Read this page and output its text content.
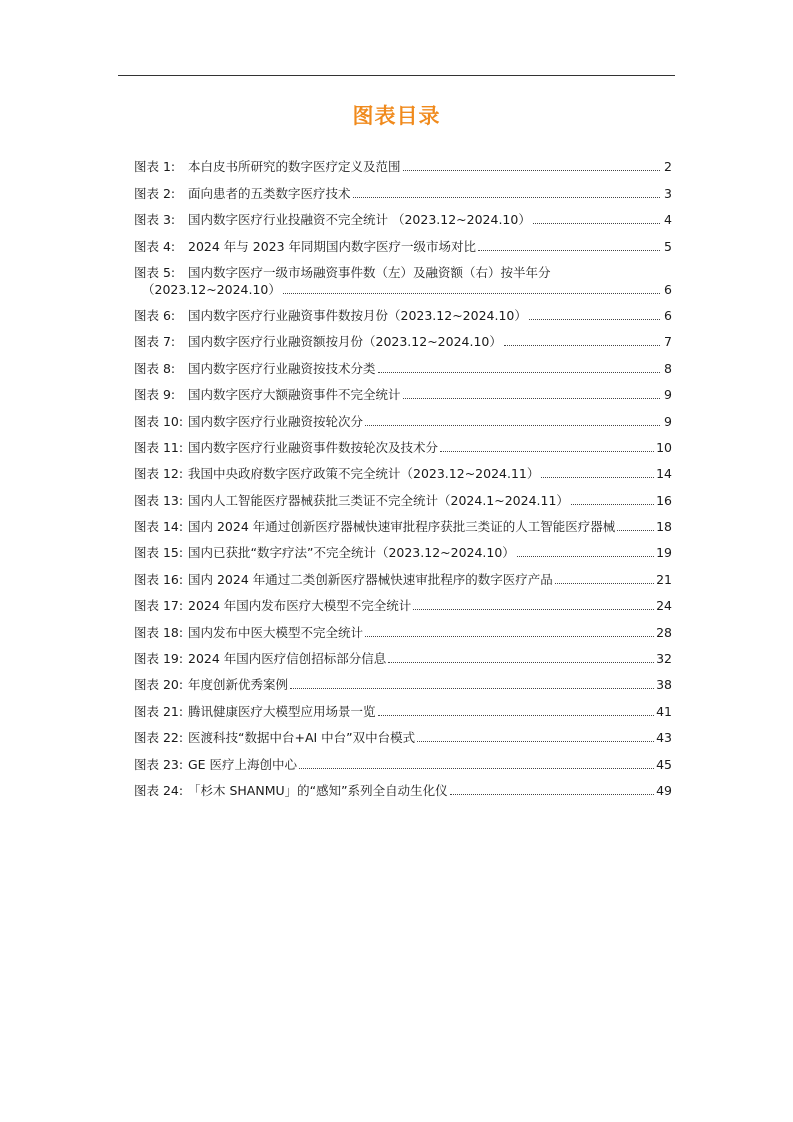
图表目录
图表 1:	本白皮书所研究的数字医疗定义及范围	2
图表 2:	面向患者的五类数字医疗技术	3
图表 3:	国内数字医疗行业投融资不完全统计 （2023.12~2024.10）	4
图表 4:	2024 年与 2023 年同期国内数字医疗一级市场对比	5
图表 5:	国内数字医疗一级市场融资事件数（左）及融资额（右）按半年分
（2023.12~2024.10）	6
图表 6:	国内数字医疗行业融资事件数按月份（2023.12~2024.10）	6
图表 7:	国内数字医疗行业融资额按月份（2023.12~2024.10）	7
图表 8:	国内数字医疗行业融资按技术分类	8
图表 9:	国内数字医疗大额融资事件不完全统计	9
图表 10: 国内数字医疗行业融资按轮次分	9
图表 11: 国内数字医疗行业融资事件数按轮次及技术分	10
图表 12: 我国中央政府数字医疗政策不完全统计（2023.12~2024.11）	14
图表 13: 国内人工智能医疗器械获批三类证不完全统计（2024.1~2024.11）	16
图表 14: 国内 2024 年通过创新医疗器械快速审批程序获批三类证的人工智能医疗器械	18
图表 15: 国内已获批“数字疗法”不完全统计（2023.12~2024.10）	19
图表 16: 国内 2024 年通过二类创新医疗器械快速审批程序的数字医疗产品	21
图表 17: 2024 年国内发布医疗大模型不完全统计	24
图表 18: 国内发布中医大模型不完全统计	28
图表 19: 2024 年国内医疗信创招标部分信息	32
图表 20: 年度创新优秀案例	38
图表 21: 腾讯健康医疗大模型应用场景一览	41
图表 22: 医渡科技“数据中台+AI 中台”双中台模式	43
图表 23: GE 医疗上海创中心	45
图表 24: 「杉木 SHANMU」的“感知”系列全自动生化仪	49
